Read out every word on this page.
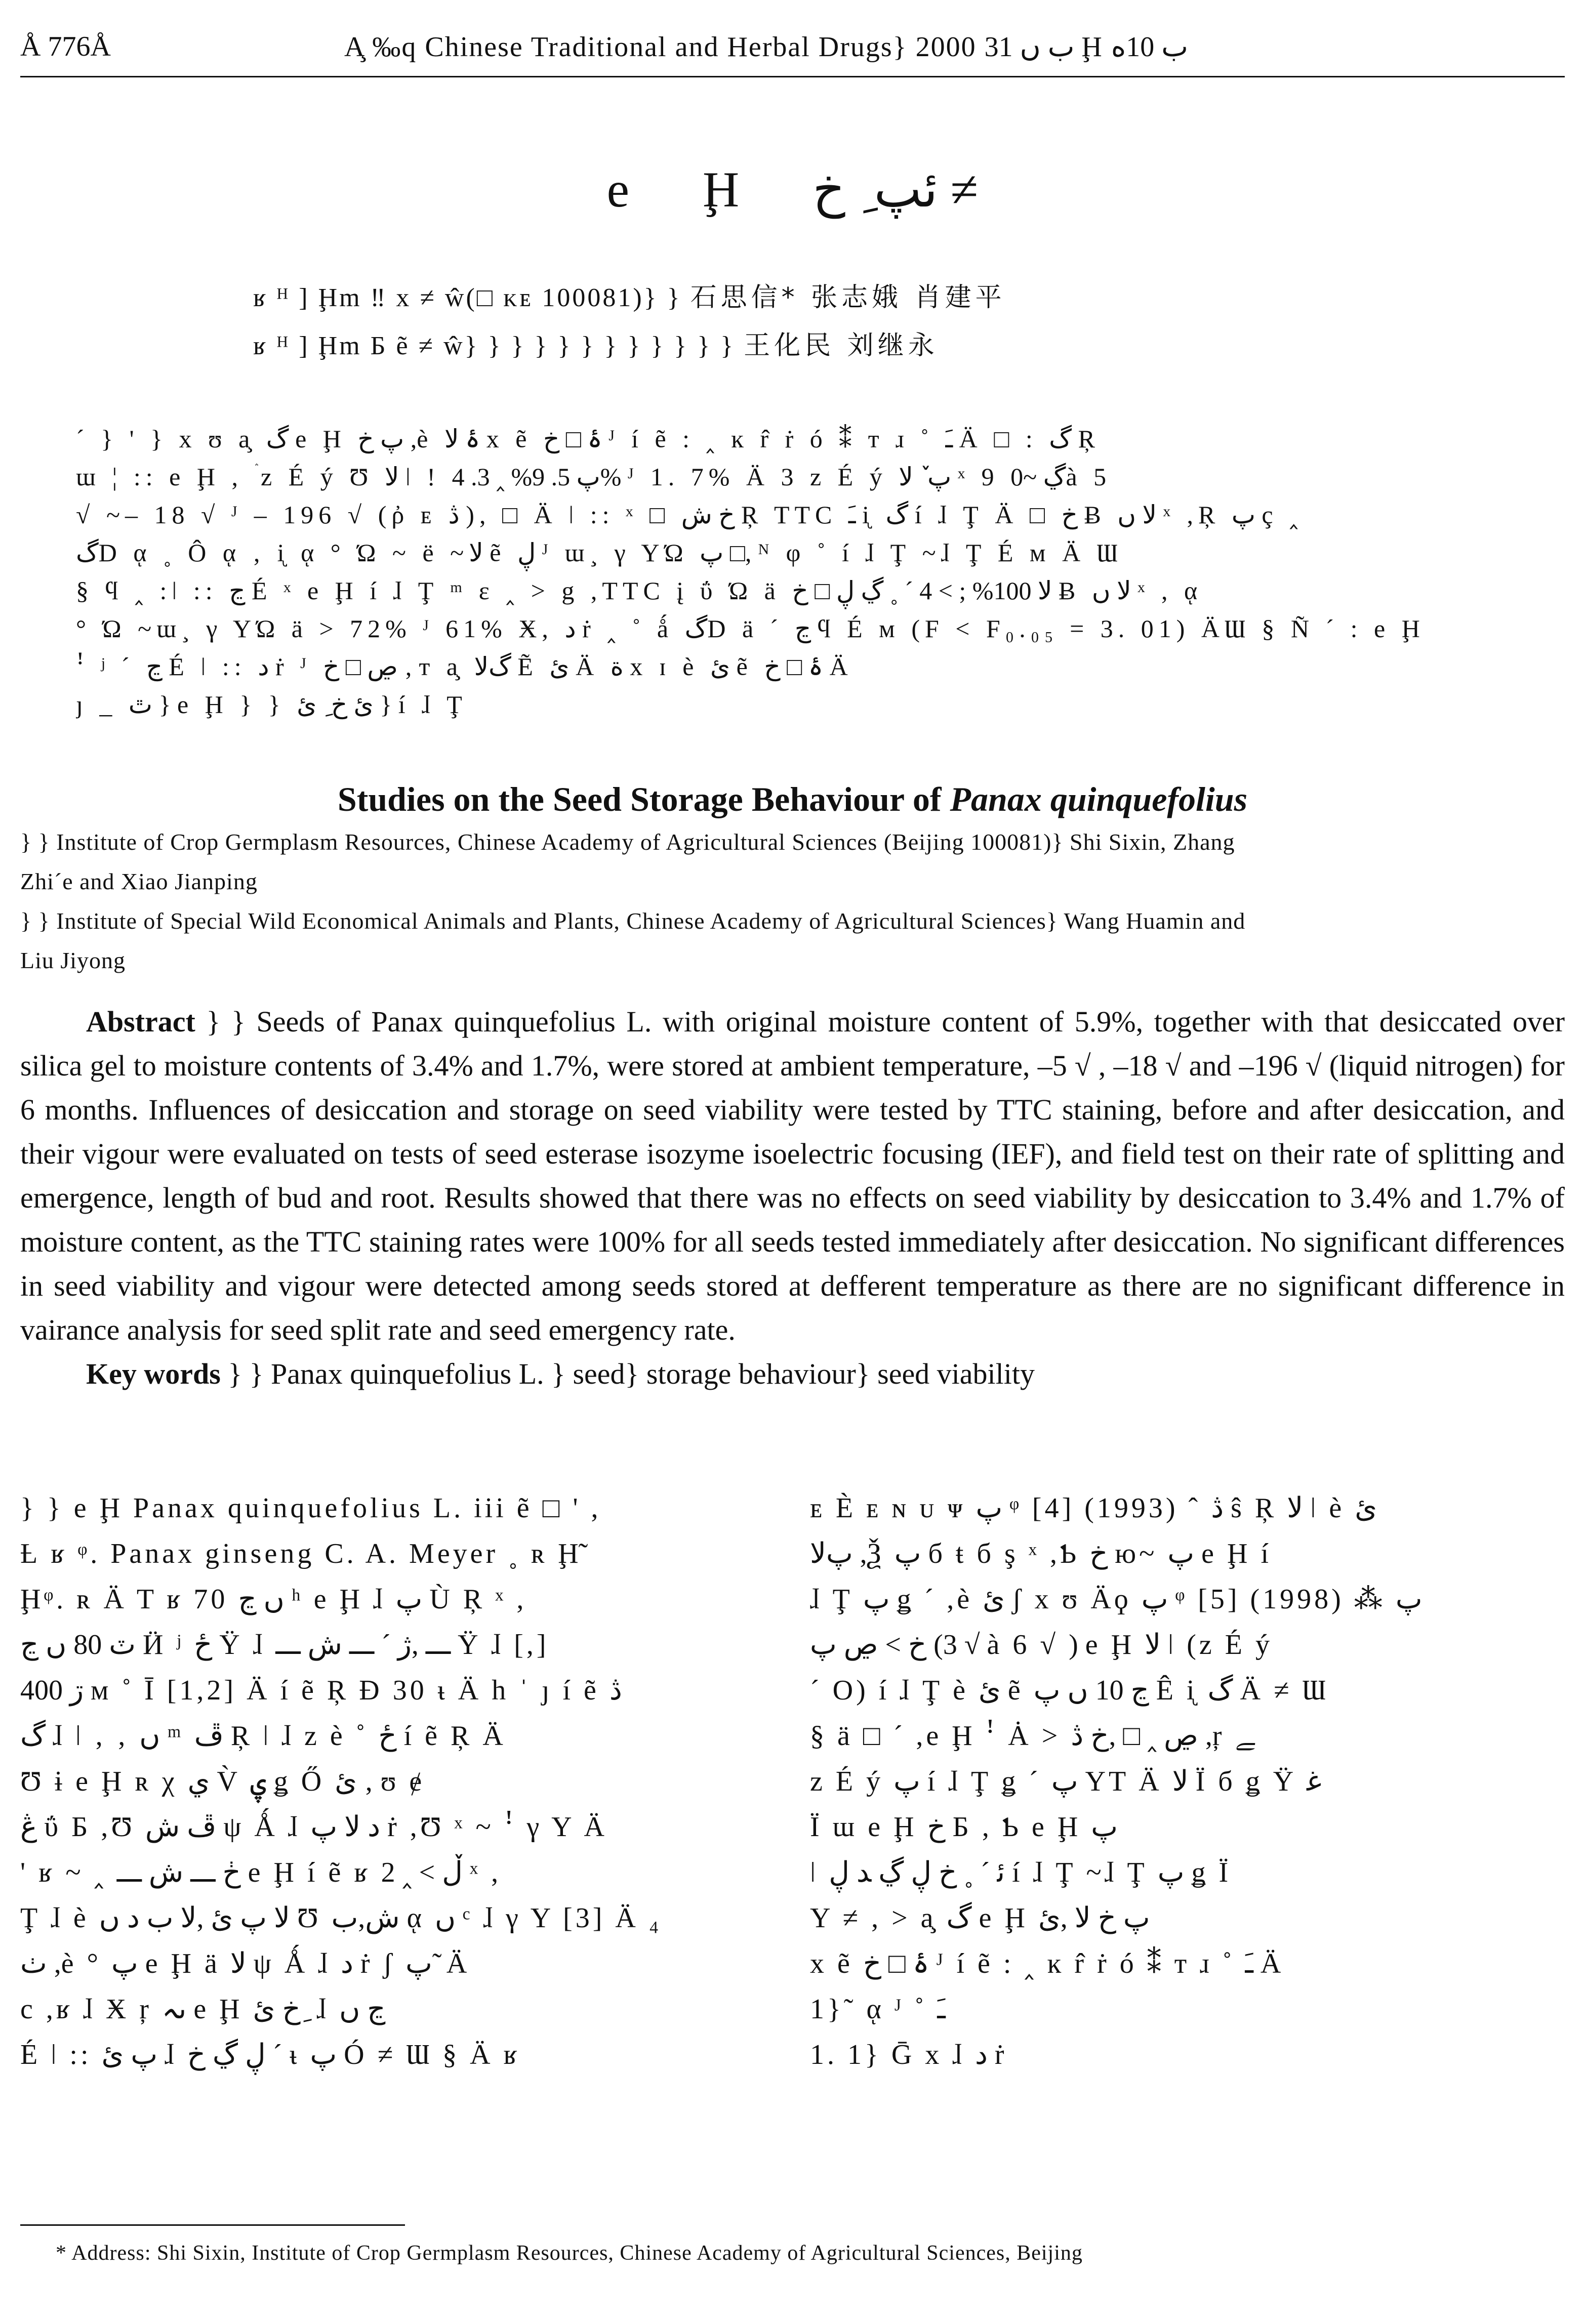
Å 776Å	A̧ ‰q Chinese Traditional and Herbal Drugs} 2000 ب ں 31 Ḩ ب 10ە
e Ḩ ئپ ِ خ ≠
ʁ ᴴ ] Ḩ‫ m ‼ x ≠ ŵ(□ ᴋᴇ 100081)} } 石思信* 张志娥 肖建平
ʁ ᴴ ] Ḩ‫ m Ƃ ẽ ≠ ŵ} } } } } } } } } } } } 王化民 刘继永
´ } ' } x ʊ a̧ گ e Ḩ پ خ ,è ۂ ﻻ x ẽ ۂ □ خ ᴶ í ẽ : ‸ ĸ r̂ ṙ ó ⁑ ᴛ ɹ ˚ ﹷ Ä □ : گ Ŗ
ɯ ¦ :: e Ḩ , ۛ z É ý Ʊ ﻻ ǀ ǃ پ 5. 9% ‸ 3. 4% ᴶ 1. 7% Ä 3 z É ý پ ٚ ﻻ ˣ 9 ڲ ~0à 5
√ ~– 18 √ ᴶ – 196 √ (ῤ ᴇ ڎ ), □ Ä ǀ :: ˣ □ خ ش Ŗ TTC ﹷ ᶖ گ í ɺ Ţ Ä □ خ Ƀ ﻻ ں ˣ ,Ŗ پ ç ‸
گD ᾳ ˳ Ô ᾳ ‚ ᶖ ᾳ ° Ώ ~ ë ~ﻻ ẽ ڸ ᴶ ɯ¸ γ ΥΏ پ □, ᴺ φ ˚ í ɺ Ţ ~ɺ Ţ É ᴍ Ä Ɯ
§ ϥ ‸ :ǀ :: ڃ É ˣ e Ḩ í ɺ Ţ ᵐ ε ‸ > g ,TTC į ΰ Ώ ä ﻻ 100% ; > 4 ´ ˳ ڲ ڸ □ خ Ƀ ﻻ ں ˣ , ᾳ
° Ώ ~ɯ¸ γ ΥΏ ä > 72% ᴶ 61% Ӿ, ﺩ ṙ ‸ ˚ ǻ گD ä ´ ڃ ϥ É ᴍ (F < F₀.₀₅ = 3. 01) ÄƜ § Ñ ´ : e Ḩ
ꜝ ʲ ´ ڃ É ǀ :: ﺩ ṙ ᴶ ڝ □ خ ‚ ᴛ a̧ گﻻ Ẽ ئ Ä ﺓ x ɪ è ئ ẽ ۂ □ خ Ä
ȷ _ ٿ } e Ḩ } } ئ خ ِ ئ } í ɺ Ţ
Studies on the Seed Storage Behaviour of Panax quinquefolius
} } Institute of Crop Germplasm Resources, Chinese Academy of Agricultural Sciences (Beijing 100081)} Shi Sixin, Zhang
Zhi´e and Xiao Jianping
} } Institute of Special Wild Economical Animals and Plants, Chinese Academy of Agricultural Sciences} Wang Huamin and
Liu Jiyong

Abstract } } Seeds of Panax quinquefolius L. with original moisture content of 5.9%, together with that desiccated over silica gel to moisture contents of 3.4% and 1.7%, were stored at ambient temperature, –5 √ , –18 √ and –196 √ (liquid nitrogen) for 6 months. Influences of desiccation and storage on seed viability were tested by TTC staining, before and after desiccation, and their vigour were evaluated on tests of seed esterase isozyme isoelectric focusing (IEF), and field test on their rate of splitting and emergence, length of bud and root. Results showed that there was no effects on seed viability by desiccation to 3.4% and 1.7% of moisture content, as the TTC staining rates were 100% for all seeds tested immediately after desiccation. No significant differences in seed viability and vigour were detected among seeds stored at defferent temperature as there are no significant difference in vairance analysis for seed split rate and seed emergency rate.

Key words } } Panax quinquefolius L. } seed} storage behaviour} seed viability

} } e Ḩ Panax quinquefolius L. iii ẽ □ ' ,
Ƚ ʁ ᵠ. Panax ginseng C. A. Meyer ˳ ʀ Ḩ̃
Ḩᵠ. ʀ Ä T ʁ 70 ں ڃ ʰ e Ḩ ɺ پ Ù Ŗ ˣ ,
ٽ 80 ں ڃ Ӥ ʲ ځ Ÿ ɺ ـــ ,ژ ˊ ـــ ش ـــ Ÿ ɺ [,]
400 ڗ ᴍ ˚ Ī [1,2] Ä í ẽ Ŗ Ɖ 30 ᵼ Ä h ˈ ȷ í ẽ ڎ
گ ɺ ǀ ‚ ‚ ں ᵐ ڦ Ŗ ǀ ɺ z è ˚ ځ í ẽ Ŗ Ä
Ʊ ɨ e Ḩ ʀ χ ي V̀ ۑ ǥ Ő ئ ‚ ʊ ɇ
ڠ ΰ Ƃ ,Ʊ ڦ ش ψ Ǻ ɺ ﺩ ﻻ پ ṙ ,Ʊ ˣ ~ ꜝ γ Υ Ä
' ʁ ~ ‸ ڂ ـــ ش ـــ e Ḩ í ẽ ʁ ڵ > ‸ 2 ˣ ,
Ţ ɺ è ﻻ پ ئ ,ﻻ ب ﺩ ں Ʊ ش,ب ᾳ ں ᶜ ɺ γ Υ [3] Ä ₄
ٺ ,è ° پ e Ḩ ä ﻻ ψ Ǻ ɺ ﺩ ṙ ʃ پ ̃ Ä
c ,ʁ ɺ Ӿ ŗ ںہ e Ḩ خ ئ ِ ɺ ڃ ں
É ǀ :: پ ئ ɺ ڸ ڲ خ ˊ ᵼ پ Ó ≠ Ɯ § Ä ʁ
ᴇ È ᴇ ɴ ᴜ ᴪ پ ᵠ [4] (1993) ˆ ڎ ŝ Ŗ ﻻ ǀ è ئ
پﻻ ,Ѯ پ б ŧ б ş ˣ ,Ƅ خ ю~ پ e Ḩ í
ɺ Ţ پ ǥ ˊ ,è ئ ʃ x ʊ Äϙ پ ᵠ [5] (1998) ⁂ پ
خ > ڝ پ (3 √ à 6 √ ) e Ḩ ﻻ ǀ (z É ý
´ O) í ɺ Ţ è ئ ẽ ڃ 10 ں پ Ê ᶖ گ Ä ≠ Ɯ
§ ä □ ´ ,e Ḩ ꜝ Ȧ > ڝ ‸ □ ,خ ڎ ,ŗ ﮯ
z É ý پ í ɺ Ţ ǥ ˊ پ ΥΤ Ä ﻻ Ï б ǥ Ÿ ﻏ
Ï ɯ e Ḩ خ Ƃ , Ƅ e Ḩ پ
ǀ ﺋ ´ ˳ خ ڸ ڲ ﺪ ڸ í ɺ Ţ ~ɺ Ţ پ ǥ Ï
Υ ≠ , > a̧ گ e Ḩ پ خ ﻻ ,ئ
x ẽ ۂ □ خ ᴶ í ẽ : ‸ ĸ r̂ ṙ ó ⁑ ᴛ ɹ ˚ ﹷ Ä
1}˜ ᾳ ᴶ ˚ ﹷ
1. 1} Ḡ x ɺ ﺩ ṙ
* Address: Shi Sixin, Institute of Crop Germplasm Resources, Chinese Academy of Agricultural Sciences, Beijing
